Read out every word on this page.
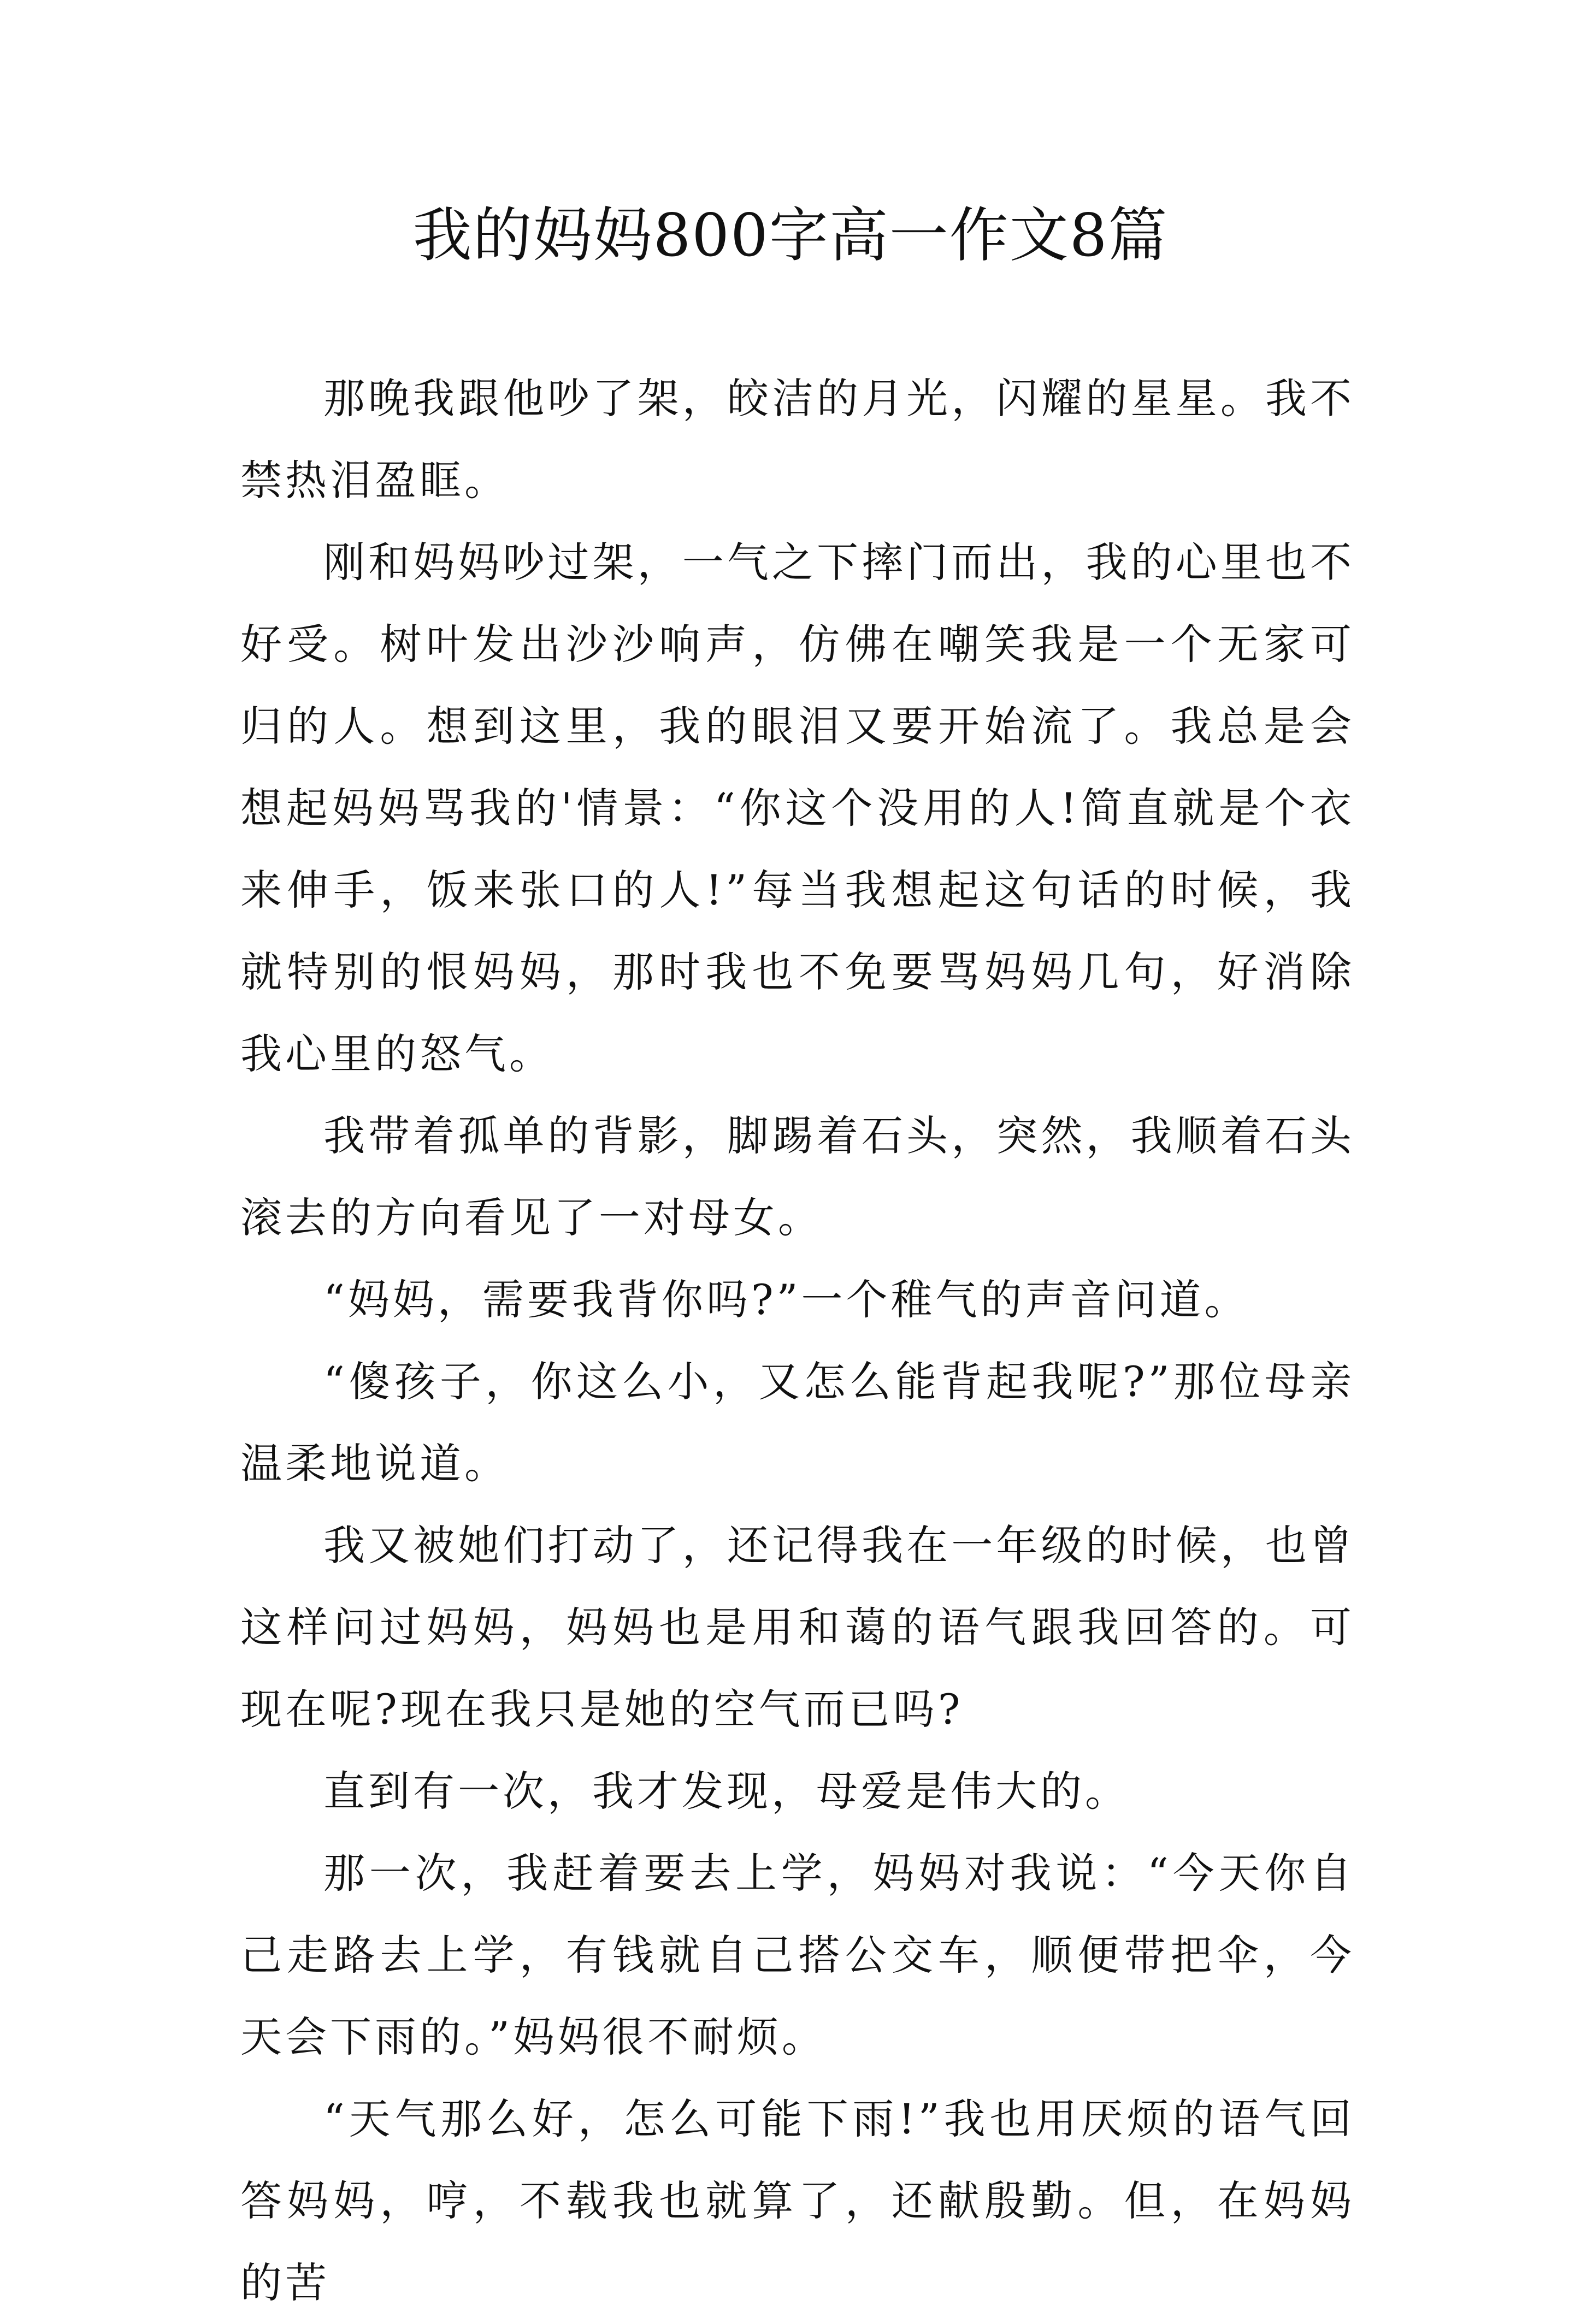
我的妈妈800字高一作文8篇

那晚我跟他吵了架，皎洁的月光，闪耀的星星。我不禁热泪盈眶。

刚和妈妈吵过架，一气之下摔门而出，我的心里也不好受。树叶发出沙沙响声，仿佛在嘲笑我是一个无家可归的人。想到这里，我的眼泪又要开始流了。我总是会想起妈妈骂我的'情景：“你这个没用的人!简直就是个衣来伸手，饭来张口的人!”每当我想起这句话的时候，我就特别的恨妈妈，那时我也不免要骂妈妈几句，好消除我心里的怒气。

我带着孤单的背影，脚踢着石头，突然，我顺着石头滚去的方向看见了一对母女。

“妈妈，需要我背你吗?”一个稚气的声音问道。

“傻孩子，你这么小，又怎么能背起我呢?”那位母亲温柔地说道。

我又被她们打动了，还记得我在一年级的时候，也曾这样问过妈妈，妈妈也是用和蔼的语气跟我回答的。可现在呢?现在我只是她的空气而已吗?

直到有一次，我才发现，母爱是伟大的。

那一次，我赶着要去上学，妈妈对我说：“今天你自己走路去上学，有钱就自己搭公交车，顺便带把伞，今天会下雨的。”妈妈很不耐烦。

“天气那么好，怎么可能下雨!”我也用厌烦的语气回答妈妈，哼，不载我也就算了，还献殷勤。但，在妈妈的苦
